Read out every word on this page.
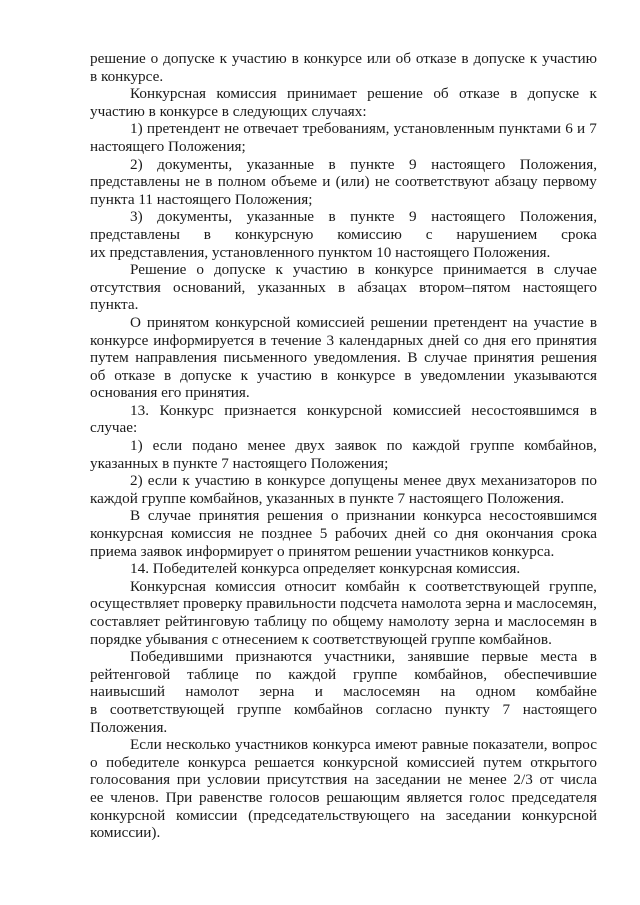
решение о допуске к участию в конкурсе или об отказе в допуске к участию
в конкурсе.
Конкурсная комиссия принимает решение об отказе в допуске к
участию в конкурсе в следующих случаях:
1) претендент не отвечает требованиям, установленным пунктами 6 и 7
настоящего Положения;
2) документы, указанные в пункте 9 настоящего Положения,
представлены не в полном объеме и (или) не соответствуют абзацу первому
пункта 11 настоящего Положения;
3) документы, указанные в пункте 9 настоящего Положения,
представлены в конкурсную комиссию с нарушением срока
их представления, установленного пунктом 10 настоящего Положения.
Решение о допуске к участию в конкурсе принимается в случае
отсутствия оснований, указанных в абзацах втором–пятом настоящего
пункта.
О принятом конкурсной комиссией решении претендент на участие в
конкурсе информируется в течение 3 календарных дней со дня его принятия
путем направления письменного уведомления. В случае принятия решения
об отказе в допуске к участию в конкурсе в уведомлении указываются
основания его принятия.
13. Конкурс признается конкурсной комиссией несостоявшимся в
случае:
1) если подано менее двух заявок по каждой группе комбайнов,
указанных в пункте 7 настоящего Положения;
2) если к участию в конкурсе допущены менее двух механизаторов по
каждой группе комбайнов, указанных в пункте 7 настоящего Положения.
В случае принятия решения о признании конкурса несостоявшимся
конкурсная комиссия не позднее 5 рабочих дней со дня окончания срока
приема заявок информирует о принятом решении участников конкурса.
14. Победителей конкурса определяет конкурсная комиссия.
Конкурсная комиссия относит комбайн к соответствующей группе,
осуществляет проверку правильности подсчета намолота зерна и маслосемян,
составляет рейтинговую таблицу по общему намолоту зерна и маслосемян в
порядке убывания с отнесением к соответствующей группе комбайнов.
Победившими признаются участники, занявшие первые места в
рейтенговой таблице по каждой группе комбайнов, обеспечившие
наивысший намолот зерна и маслосемян на одном комбайне
в соответствующей группе комбайнов согласно пункту 7 настоящего
Положения.
Если несколько участников конкурса имеют равные показатели, вопрос
о победителе конкурса решается конкурсной комиссией путем открытого
голосования при условии присутствия на заседании не менее 2/3 от числа
ее членов. При равенстве голосов решающим является голос председателя
конкурсной комиссии (председательствующего на заседании конкурсной
комиссии).
